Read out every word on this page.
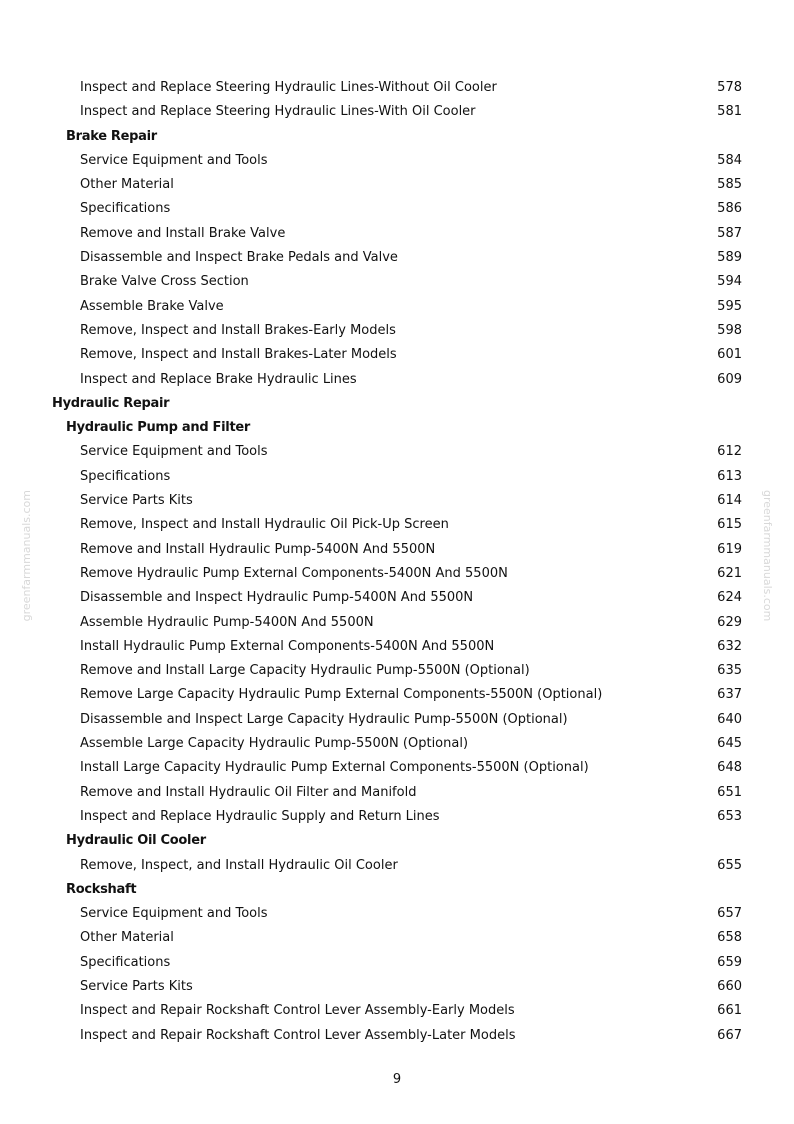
greenfarmmanuals.com	greenfarmmanuals.com
Inspect and Replace Steering Hydraulic Lines-Without Oil Cooler	578
Inspect and Replace Steering Hydraulic Lines-With Oil Cooler	581
Brake Repair
Service Equipment and Tools	584
Other Material	585
Specifications	586
Remove and Install Brake Valve	587
Disassemble and Inspect Brake Pedals and Valve	589
Brake Valve Cross Section	594
Assemble Brake Valve	595
Remove, Inspect and Install Brakes-Early Models	598
Remove, Inspect and Install Brakes-Later Models	601
Inspect and Replace Brake Hydraulic Lines	609
Hydraulic Repair
Hydraulic Pump and Filter
Service Equipment and Tools	612
Specifications	613
Service Parts Kits	614
Remove, Inspect and Install Hydraulic Oil Pick-Up Screen	615
Remove and Install Hydraulic Pump-5400N And 5500N	619
Remove Hydraulic Pump External Components-5400N And 5500N	621
Disassemble and Inspect Hydraulic Pump-5400N And 5500N	624
Assemble Hydraulic Pump-5400N And 5500N	629
Install Hydraulic Pump External Components-5400N And 5500N	632
Remove and Install Large Capacity Hydraulic Pump-5500N (Optional)	635
Remove Large Capacity Hydraulic Pump External Components-5500N (Optional)	637
Disassemble and Inspect Large Capacity Hydraulic Pump-5500N (Optional)	640
Assemble Large Capacity Hydraulic Pump-5500N (Optional)	645
Install Large Capacity Hydraulic Pump External Components-5500N (Optional)	648
Remove and Install Hydraulic Oil Filter and Manifold	651
Inspect and Replace Hydraulic Supply and Return Lines	653
Hydraulic Oil Cooler
Remove, Inspect, and Install Hydraulic Oil Cooler	655
Rockshaft
Service Equipment and Tools	657
Other Material	658
Specifications	659
Service Parts Kits	660
Inspect and Repair Rockshaft Control Lever Assembly-Early Models	661
Inspect and Repair Rockshaft Control Lever Assembly-Later Models	667
9
